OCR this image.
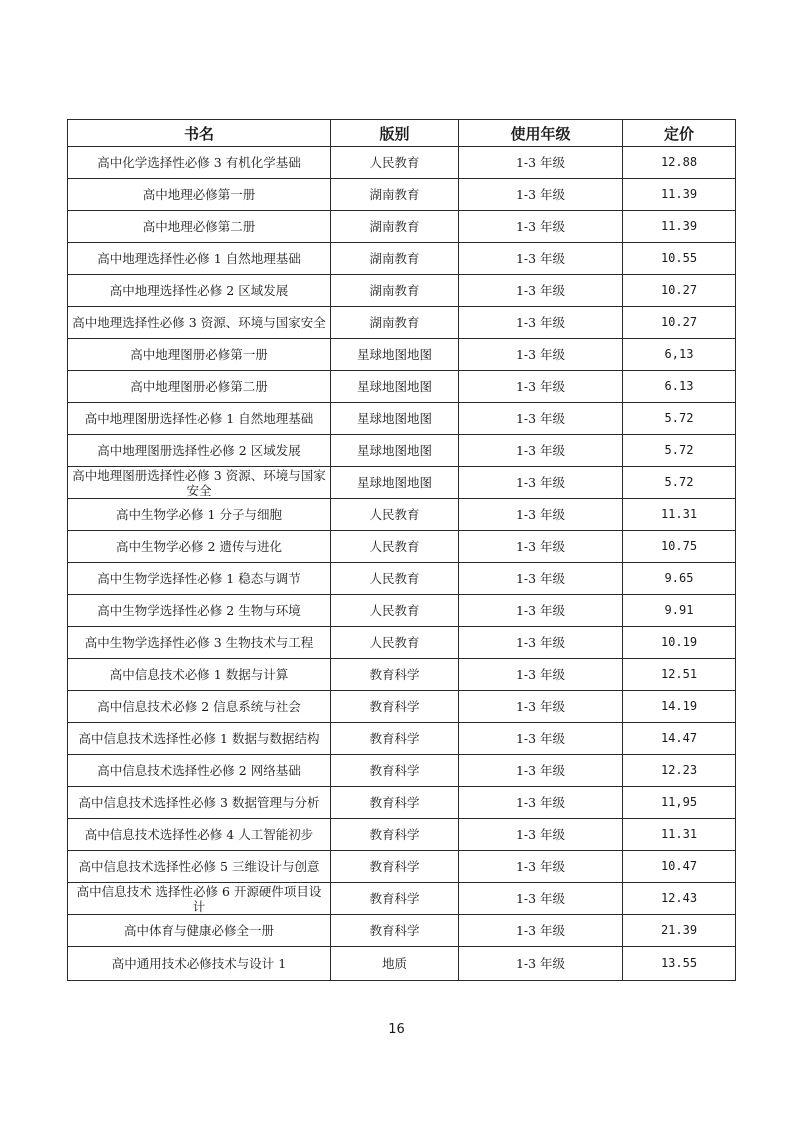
书名	版别	使用年级	定价
高中化学选择性必修 3 有机化学基础	人民教育	1-3 年级	12.88
高中地理必修第一册	湖南教育	1-3 年级	11.39
高中地理必修第二册	湖南教育	1-3 年级	11.39
高中地理选择性必修 1 自然地理基础	湖南教育	1-3 年级	10.55
高中地理选择性必修 2 区域发展	湖南教育	1-3 年级	10.27
高中地理选择性必修 3 资源、环境与国家安全	湖南教育	1-3 年级	10.27
高中地理图册必修第一册	星球地图地图	1-3 年级	6,13
高中地理图册必修第二册	星球地图地图	1-3 年级	6.13
高中地理图册选择性必修 1 自然地理基础	星球地图地图	1-3 年级	5.72
高中地理图册选择性必修 2 区域发展	星球地图地图	1-3 年级	5.72
高中地理图册选择性必修 3 资源、环境与国家安全	星球地图地图	1-3 年级	5.72
高中生物学必修 1 分子与细胞	人民教育	1-3 年级	11.31
高中生物学必修 2 遗传与进化	人民教育	1-3 年级	10.75
高中生物学选择性必修 1 稳态与调节	人民教育	1-3 年级	9.65
高中生物学选择性必修 2 生物与环境	人民教育	1-3 年级	9.91
高中生物学选择性必修 3 生物技术与工程	人民教育	1-3 年级	10.19
高中信息技术必修 1 数据与计算	教育科学	1-3 年级	12.51
高中信息技术必修 2 信息系统与社会	教育科学	1-3 年级	14.19
高中信息技术选择性必修 1 数据与数据结构	教育科学	1-3 年级	14.47
高中信息技术选择性必修 2 网络基础	教育科学	1-3 年级	12.23
高中信息技术选择性必修 3 数据管理与分析	教育科学	1-3 年级	11,95
高中信息技术选择性必修 4 人工智能初步	教育科学	1-3 年级	11.31
高中信息技术选择性必修 5 三维设计与创意	教育科学	1-3 年级	10.47
高中信息技术 选择性必修 6 开源硬件项目设计	教育科学	1-3 年级	12.43
高中体育与健康必修全一册	教育科学	1-3 年级	21.39
高中通用技术必修技术与设计 1	地质	1-3 年级	13.55
16
